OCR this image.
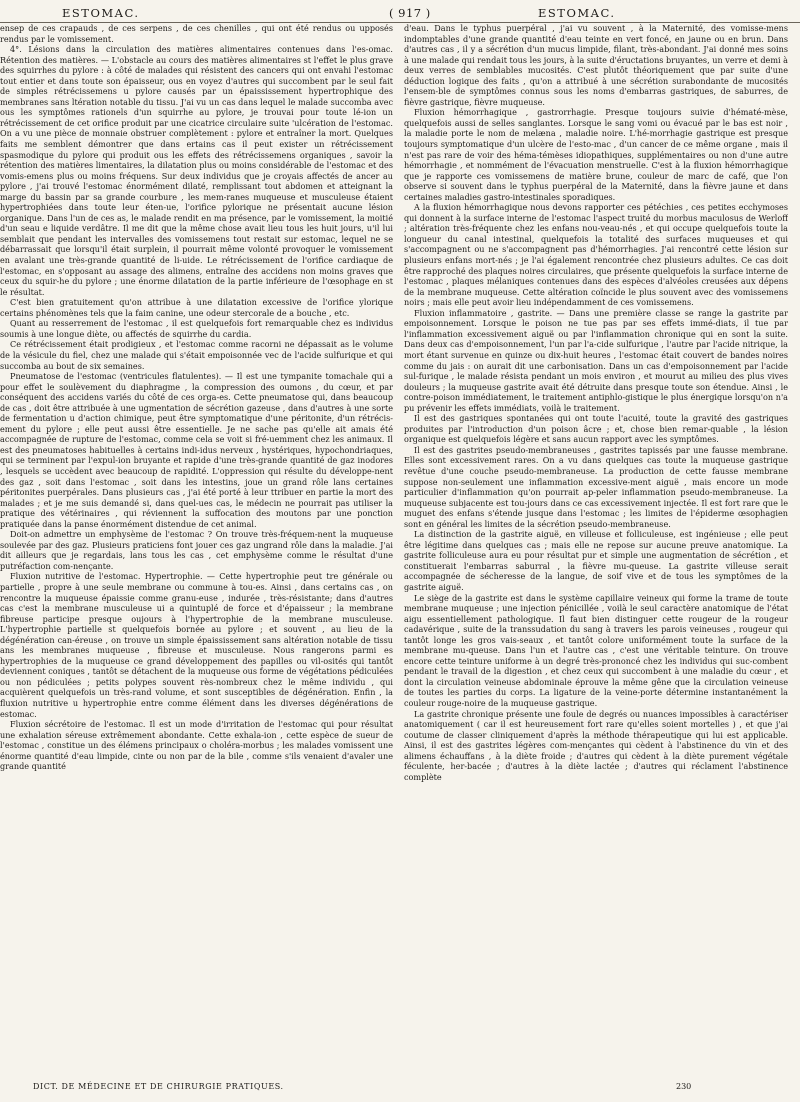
ESTOMAC.	( 917 )	ESTOMAC.

ensep de ces crapauds , de ces serpens , de ces chenilles , qui ont été rendus ou upposés rendus par le vomissement.

4°. Lésions dans la circulation des matières alimentaires contenues dans l'es-omac. Rétention des matières. — L'obstacle au cours des matières alimentaires st l'effet le plus grave des squirrhes du pylore : à côté de malades qui résistent des cancers qui ont envahi l'estomac tout entier et dans toute son épaisseur, ous en voyez d'autres qui succombent par le seul fait de simples rétrécissemens u pylore causés par un épaississement hypertrophique des membranes sans ltération notable du tissu. J'ai vu un cas dans lequel le malade succomba avec ous les symptômes rationels d'un squirrhe au pylore, je trouvai pour toute lé-ion un rétrécissement de cet orifice produit par une cicatrice circulaire suite 'ulcération de l'estomac. On a vu une pièce de monnaie obstruer complètement : pylore et entraîner la mort. Quelques faits me semblent démontrer que dans ertains cas il peut exister un rétrécissement spasmodique du pylore qui produit ous les effets des rétrécissemens organiques , savoir la rétention des matières limentaires, la dilatation plus ou moins considérable de l'estomac et des vomis-emens plus ou moins fréquens. Sur deux individus que je croyais affectés de ancer au pylore , j'ai trouvé l'estomac énormément dilaté, remplissant tout abdomen et atteignant la marge du bassin par sa grande courbure , les mem-ranes muqueuse et musculeuse étaient hypertrophiées dans toute leur éten-ue, l'orifice pylorique ne présentait aucune lésion organique. Dans l'un de ces as, le malade rendit en ma présence, par le vomissement, la moitié d'un seau e liquide verdâtre. Il me dit que la même chose avait lieu tous les huit jours, u'il lui semblait que pendant les intervalles des vomissemens tout restait sur estomac, lequel ne se débarrassait que lorsqu'il était surplein, il pourrait même volonté provoquer le vomissement en avalant une très-grande quantité de li-uide. Le rétrécissement de l'orifice cardiaque de l'estomac, en s'opposant au assage des alimens, entraîne des accidens non moins graves que ceux du squir-he du pylore ; une énorme dilatation de la partie inférieure de l'œsophage en st le résultat.

C'est bien gratuitement qu'on attribue à une dilatation excessive de l'orifice ylorique certains phénomènes tels que la faim canine, une odeur stercorale de a bouche , etc.

Quant au resserrement de l'estomac , il est quelquefois fort remarquable chez es individus soumis à une longue diète, ou affectés de squirrhe du cardia.

Ce rétrécissement était prodigieux , et l'estomac comme racorni ne dépassait as le volume de la vésicule du fiel, chez une malade qui s'était empoisonnée vec de l'acide sulfurique et qui succomba au bout de six semaines.

Pneumatose de l'estomac (ventricules flatulentes). — Il est une tympanite tomachale qui a pour effet le soulèvement du diaphragme , la compression des oumons , du cœur, et par conséquent des accidens variés du côté de ces orga-es. Cette pneumatose qui, dans beaucoup de cas , doit être attribuée à une ugmentation de sécrétion gazeuse , dans d'autres à une sorte de fermentation u d'action chimique, peut être symptomatique d'une péritonite, d'un rétrécis-ement du pylore ; elle peut aussi être essentielle. Je ne sache pas qu'elle ait amais été accompagnée de rupture de l'estomac, comme cela se voit si fré-uemment chez les animaux. Il est des pneumatoses habituelles à certains indi-idus nerveux , hystériques, hypochondriaques, qui se terminent par l'expul-ion bruyante et rapide d'une très-grande quantité de gaz inodores , lesquels se uccèdent avec beaucoup de rapidité. L'oppression qui résulte du développe-nent des gaz , soit dans l'estomac , soit dans les intestins, joue un grand rôle lans certaines péritonites puerpérales. Dans plusieurs cas , j'ai été porté à leur ttribuer en partie la mort des malades ; et je me suis demandé si, dans quel-ues cas, le médecin ne pourrait pas utiliser la pratique des vétérinaires , qui réviennent la suffocation des moutons par une ponction pratiquée dans la panse énormément distendue de cet animal.

Doit-on admettre un emphysème de l'estomac ? On trouve très-fréquem-nent la muqueuse soulevée par des gaz. Plusieurs praticiens font jouer ces gaz ungrand rôle dans la maladie. J'ai dit ailleurs que je regardais, lans tous les cas , cet emphysème comme le résultat d'une putréfaction com-nençante.

Fluxion nutritive de l'estomac. Hypertrophie. — Cette hypertrophie peut tre générale ou partielle , propre à une seule membrane ou commune à tou-es. Ainsi , dans certains cas , on rencontre la muqueuse épaissie comme granu-euse , indurée , très-résistante; dans d'autres cas c'est la membrane musculeuse ui a quintuplé de force et d'épaisseur ; la membrane fibreuse participe presque oujours à l'hypertrophie de la membrane musculeuse. L'hypertrophie partielle st quelquefois bornée au pylore ; et souvent , au lieu de la dégénération can-éreuse , on trouve un simple épaississement sans altération notable de tissu ans les membranes muqueuse , fibreuse et musculeuse. Nous rangerons parmi es hypertrophies de la muqueuse ce grand développement des papilles ou vil-osités qui tantôt deviennent coniques , tantôt se détachent de la muqueuse ous forme de végétations pédiculées ou non pédiculées ; petits polypes souvent rès-nombreux chez le même individu , qui acquièrent quelquefois un très-rand volume, et sont susceptibles de dégénération. Enfin , la fluxion nutritive u hypertrophie entre comme élément dans les diverses dégénérations de estomac.

Fluxion sécrétoire de l'estomac. Il est un mode d'irritation de l'estomac qui pour résultat une exhalation séreuse extrêmement abondante. Cette exhala-ion , cette espèce de sueur de l'estomac , constitue un des élémens principaux o choléra-morbus ; les malades vomissent une énorme quantité d'eau limpide, cinte ou non par de la bile , comme s'ils venaient d'avaler une grande quantité

d'eau. Dans le typhus puerpéral , j'ai vu souvent , à la Maternité, des vomisse-mens indomptables d'une grande quantité d'eau teinte en vert foncé, en jaune ou en brun. Dans d'autres cas , il y a sécrétion d'un mucus limpide, filant, très-abondant. J'ai donné mes soins à une malade qui rendait tous les jours, à la suite d'éructations bruyantes, un verre et demi à deux verres de semblables mucosités. C'est plutôt théoriquement que par suite d'une déduction logique des faits , qu'on a attribué à une sécrétion surabondante de mucosités l'ensem-ble de symptômes connus sous les noms d'embarras gastriques, de saburres, de fièvre gastrique, fièvre muqueuse.

Fluxion hémorrhagique , gastrorrhagie. Presque toujours suivie d'hématé-mèse, quelquefois aussi de selles sanglantes. Lorsque le sang vomi ou évacué par le bas est noir , la maladie porte le nom de melæna , maladie noire. L'hé-morrhagie gastrique est presque toujours symptomatique d'un ulcère de l'esto-mac , d'un cancer de ce même organe , mais il n'est pas rare de voir des héma-témèses idiopathiques, supplémentaires ou non d'une autre hémorrhagie , et nommément de l'évacuation menstruelle. C'est à la fluxion hémorrhagique que je rapporte ces vomissemens de matière brune, couleur de marc de café, que l'on observe si souvent dans le typhus puerpéral de la Maternité, dans la fièvre jaune et dans certaines maladies gastro-intestinales sporadiques.

A la fluxion hémorrhagique nous devons rapporter ces pétéchies , ces petites ecchymoses qui donnent à la surface interne de l'estomac l'aspect truité du morbus maculosus de Werloff ; altération très-fréquente chez les enfans nou-veau-nés , et qui occupe quelquefois toute la longueur du canal intestinal, quelquefois la totalité des surfaces muqueuses et qui s'accompagnent ou ne s'accompagnent pas d'hémorrhagies. J'ai rencontré cette lésion sur plusieurs enfans mort-nés ; je l'ai également rencontrée chez plusieurs adultes. Ce cas doit être rapproché des plaques noires circulaires, que présente quelquefois la surface interne de l'estomac , plaques mélaniques contenues dans des espèces d'alvéoles creusées aux dépens de la membrane muqueuse. Cette altération coïncide le plus souvent avec des vomissemens noirs ; mais elle peut avoir lieu indépendamment de ces vomissemens.

Fluxion inflammatoire , gastrite. — Dans une première classe se range la gastrite par empoisonnement. Lorsque le poison ne tue pas par ses effets immé-diats, il tue par l'inflammation excessivement aiguë ou par l'inflammation chronique qui en sont la suite. Dans deux cas d'empoisonnement, l'un par l'a-cide sulfurique , l'autre par l'acide nitrique, la mort étant survenue en quinze ou dix-huit heures , l'estomac était couvert de bandes noires comme du jais : on aurait dit une carbonisation. Dans un cas d'empoisonnement par l'acide sul-furique , le malade résista pendant un mois environ , et mourut au milieu des plus vives douleurs ; la muqueuse gastrite avait été détruite dans presque toute son étendue. Ainsi , le contre-poison immédiatement, le traitement antiphlo-gistique le plus énergique lorsqu'on n'a pu prévenir les effets immédiats, voilà le traitement.

Il est des gastriques spontanées qui ont toute l'acuité, toute la gravité des gastriques produites par l'introduction d'un poison âcre ; et, chose bien remar-quable , la lésion organique est quelquefois légère et sans aucun rapport avec les symptômes.

Il est des gastrites pseudo-membraneuses , gastrites tapissés par une fausse membrane. Elles sont excessivement rares. On a vu dans quelques cas toute la muqueuse gastrique revêtue d'une couche pseudo-membraneuse. La production de cette fausse membrane suppose non-seulement une inflammation excessive-ment aiguë , mais encore un mode particulier d'inflammation qu'on pourrait ap-peler inflammation pseudo-membraneuse. La muqueuse subjacente est tou-jours dans ce cas excessivement injectée. Il est fort rare que le muguet des enfans s'étende jusque dans l'estomac ; les limites de l'épiderme œsophagien sont en général les limites de la sécrétion pseudo-membraneuse.

La distinction de la gastrite aiguë, en villeuse et folliculeuse, est ingénieuse ; elle peut être légitime dans quelques cas ; mais elle ne repose sur aucune preuve anatomique. La gastrite folliculeuse aura eu pour résultat pur et simple une augmentation de sécrétion , et constituerait l'embarras saburral , la fièvre mu-queuse. La gastrite villeuse serait accompagnée de sécheresse de la langue, de soif vive et de tous les symptômes de la gastrite aiguë.

Le siège de la gastrite est dans le système capillaire veineux qui forme la trame de toute membrane muqueuse ; une injection pénicillée , voilà le seul caractère anatomique de l'état aigu essentiellement pathologique. Il faut bien distinguer cette rougeur de la rougeur cadavérique , suite de la transsudation du sang à travers les parois veineuses , rougeur qui tantôt longe les gros vais-seaux , et tantôt colore uniformément toute la surface de la membrane mu-queuse. Dans l'un et l'autre cas , c'est une véritable teinture. On trouve encore cette teinture uniforme à un degré très-prononcé chez les individus qui suc-combent pendant le travail de la digestion , et chez ceux qui succombent à une maladie du cœur , et dont la circulation veineuse abdominale éprouve la même gêne que la circulation veineuse de toutes les parties du corps. La ligature de la veine-porte détermine instantanément la couleur rouge-noire de la muqueuse gastrique.

La gastrite chronique présente une foule de degrés ou nuances impossibles à caractériser anatomiquement ( car il est heureusement fort rare qu'elles soient mortelles ) , et que j'ai coutume de classer cliniquement d'après la méthode thérapeutique qui lui est applicable. Ainsi, il est des gastrites légères com-mençantes qui cèdent à l'abstinence du vin et des alimens échauffans , à la diète froide ; d'autres qui cèdent à la diète purement végétale féculente, her-bacée ; d'autres à la diète lactée ; d'autres qui réclament l'abstinence complète

DICT. DE MÉDECINE ET DE CHIRURGIE PRATIQUES.	230
